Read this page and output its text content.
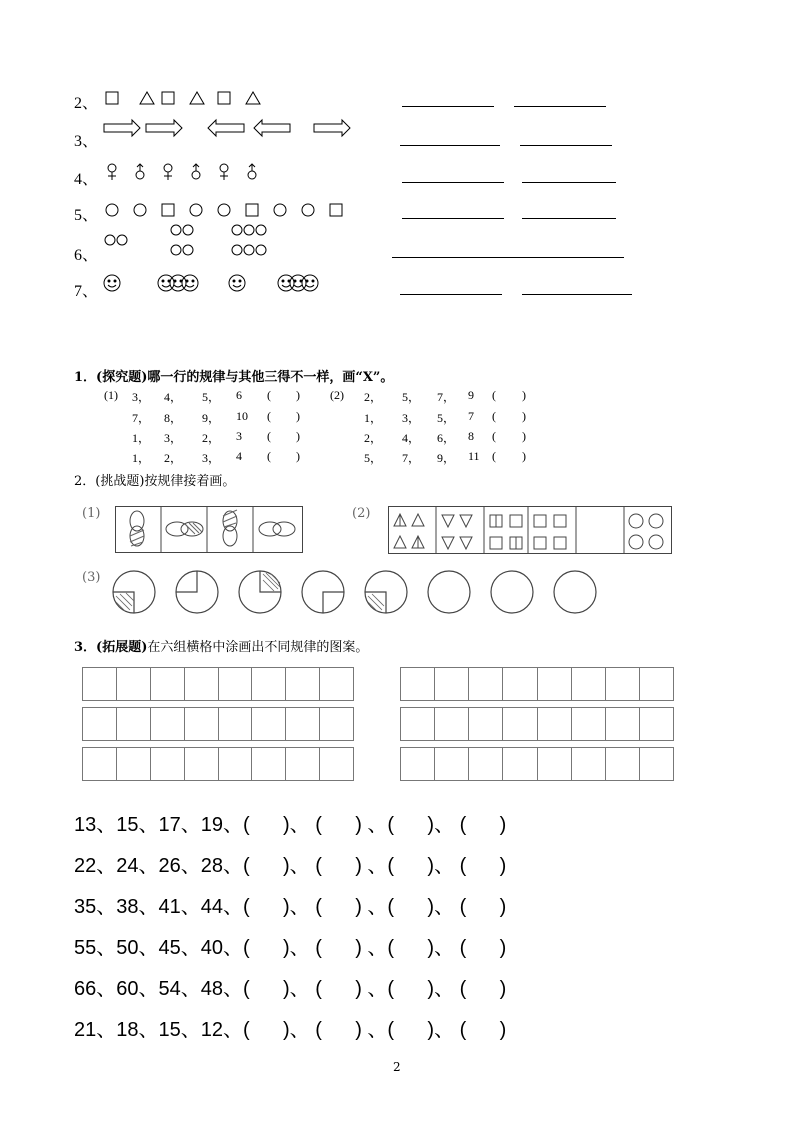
2、
3、
4、
5、
6、
7、
1．(探究题)哪一行的规律与其他三得不一样，画“X”。
(1)	(2)
3， 4， 5， 6 ( )
7， 8， 9， 10 ( )
1， 3， 2， 3 ( )
1， 2， 3， 4 ( )
2， 5， 7， 9 ( )
1， 3， 5， 7 ( )
2， 4， 6， 8 ( )
5， 7， 9， 11 ( )
2．(挑战题)按规律接着画。
(1)	(2)
(3)
3．(拓展题)在六组横格中涂画出不同规律的图案。
13、15、17、19、(      )、 (      ) 、(      )、 (      )
22、24、26、28、(      )、 (      ) 、(      )、 (      )
35、38、41、44、(      )、 (      ) 、(      )、 (      )
55、50、45、40、(      )、 (      ) 、(      )、 (      )
66、60、54、48、(      )、 (      ) 、(      )、 (      )
21、18、15、12、(      )、 (      ) 、(      )、 (      )
2
